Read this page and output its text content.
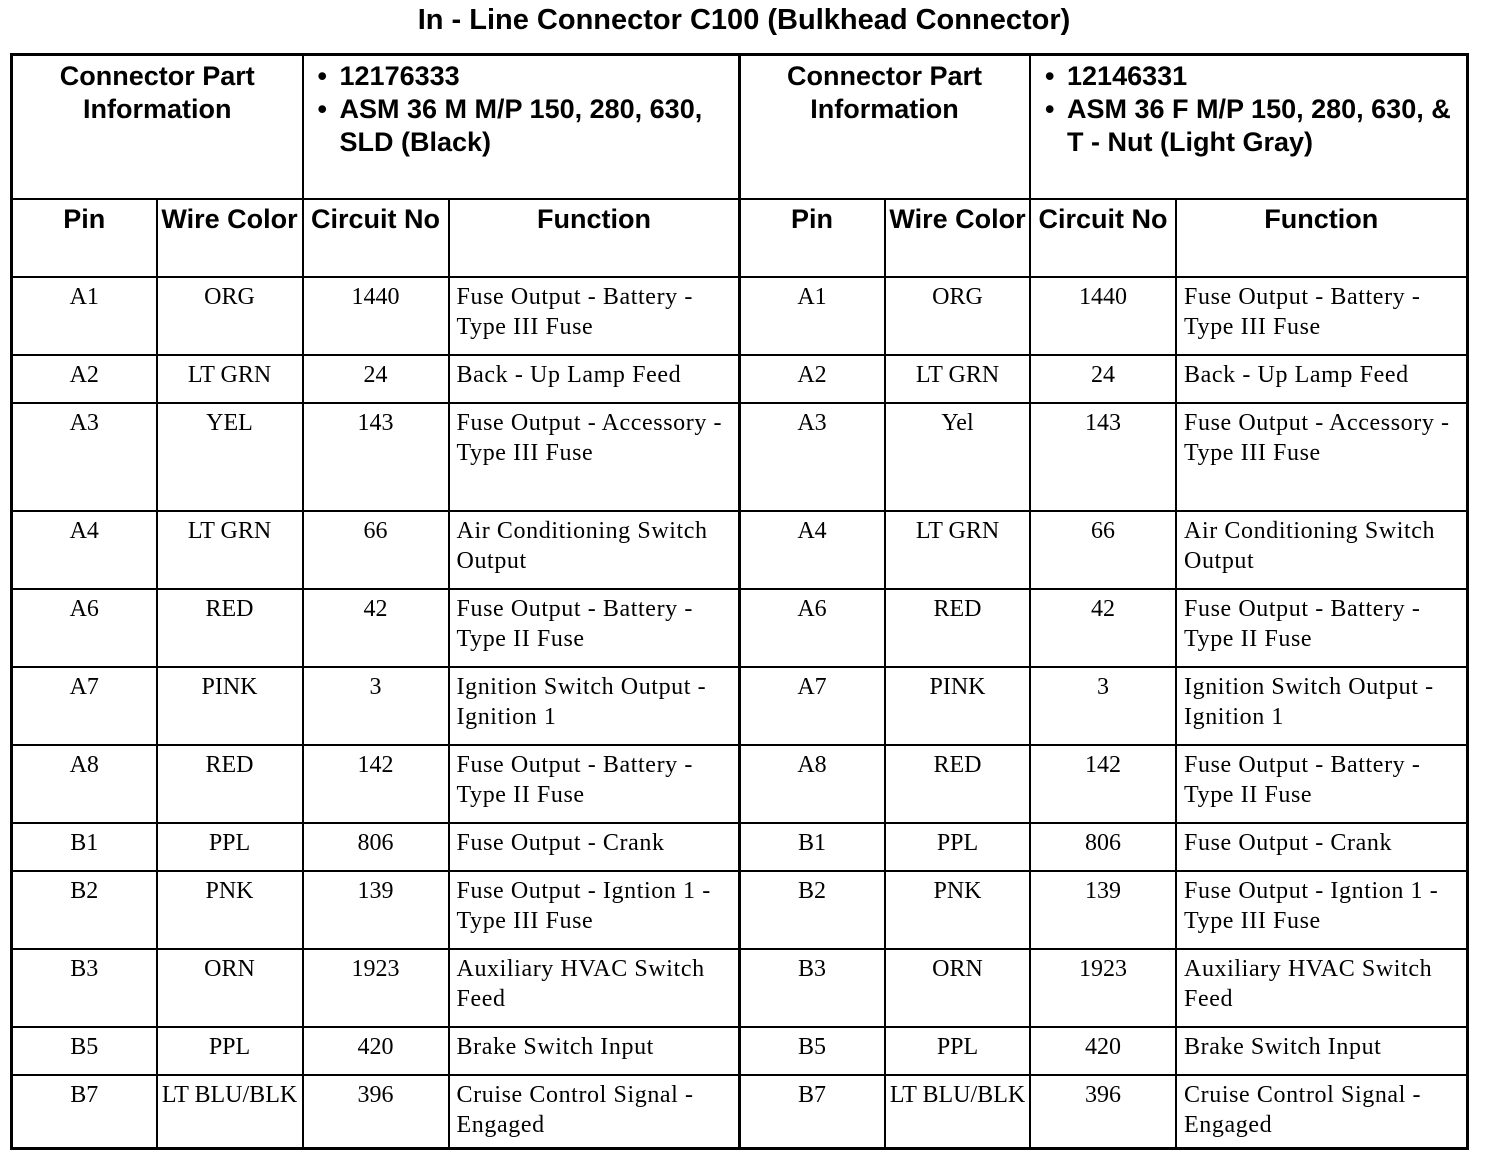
In - Line Connector C100 (Bulkhead Connector)
Connector Part Information		• 12176333
• ASM 36 M M/P 150, 280, 630, SLD (Black)	

Pin	Wire Color	Circuit No	Function
A1	ORG	1440	Fuse Output - Battery - Type III Fuse
A2	LT GRN	24	Back - Up Lamp Feed
A3	YEL	143	Fuse Output - Accessory - Type III Fuse
A4	LT GRN	66	Air Conditioning Switch Output
A6	RED	42	Fuse Output - Battery - Type II Fuse
A7	PINK	3	Ignition Switch Output - Ignition 1
A8	RED	142	Fuse Output - Battery - Type II Fuse
B1	PPL	806	Fuse Output - Crank
B2	PNK	139	Fuse Output - Igntion 1 - Type III Fuse
B3	ORN	1923	Auxiliary HVAC Switch Feed
B5	PPL	420	Brake Switch Input
B7	LT BLU/BLK	396	Cruise Control Signal - Engaged
Connector Part Information		• 12146331
• ASM 36 F M/P 150, 280, 630, & T - Nut (Light Gray)	

Pin	Wire Color	Circuit No	Function
A1	ORG	1440	Fuse Output - Battery - Type III Fuse
A2	LT GRN	24	Back - Up Lamp Feed
A3	Yel	143	Fuse Output - Accessory - Type III Fuse
A4	LT GRN	66	Air Conditioning Switch Output
A6	RED	42	Fuse Output - Battery - Type II Fuse
A7	PINK	3	Ignition Switch Output - Ignition 1
A8	RED	142	Fuse Output - Battery - Type II Fuse
B1	PPL	806	Fuse Output - Crank
B2	PNK	139	Fuse Output - Igntion 1 - Type III Fuse
B3	ORN	1923	Auxiliary HVAC Switch Feed
B5	PPL	420	Brake Switch Input
B7	LT BLU/BLK	396	Cruise Control Signal - Engaged
